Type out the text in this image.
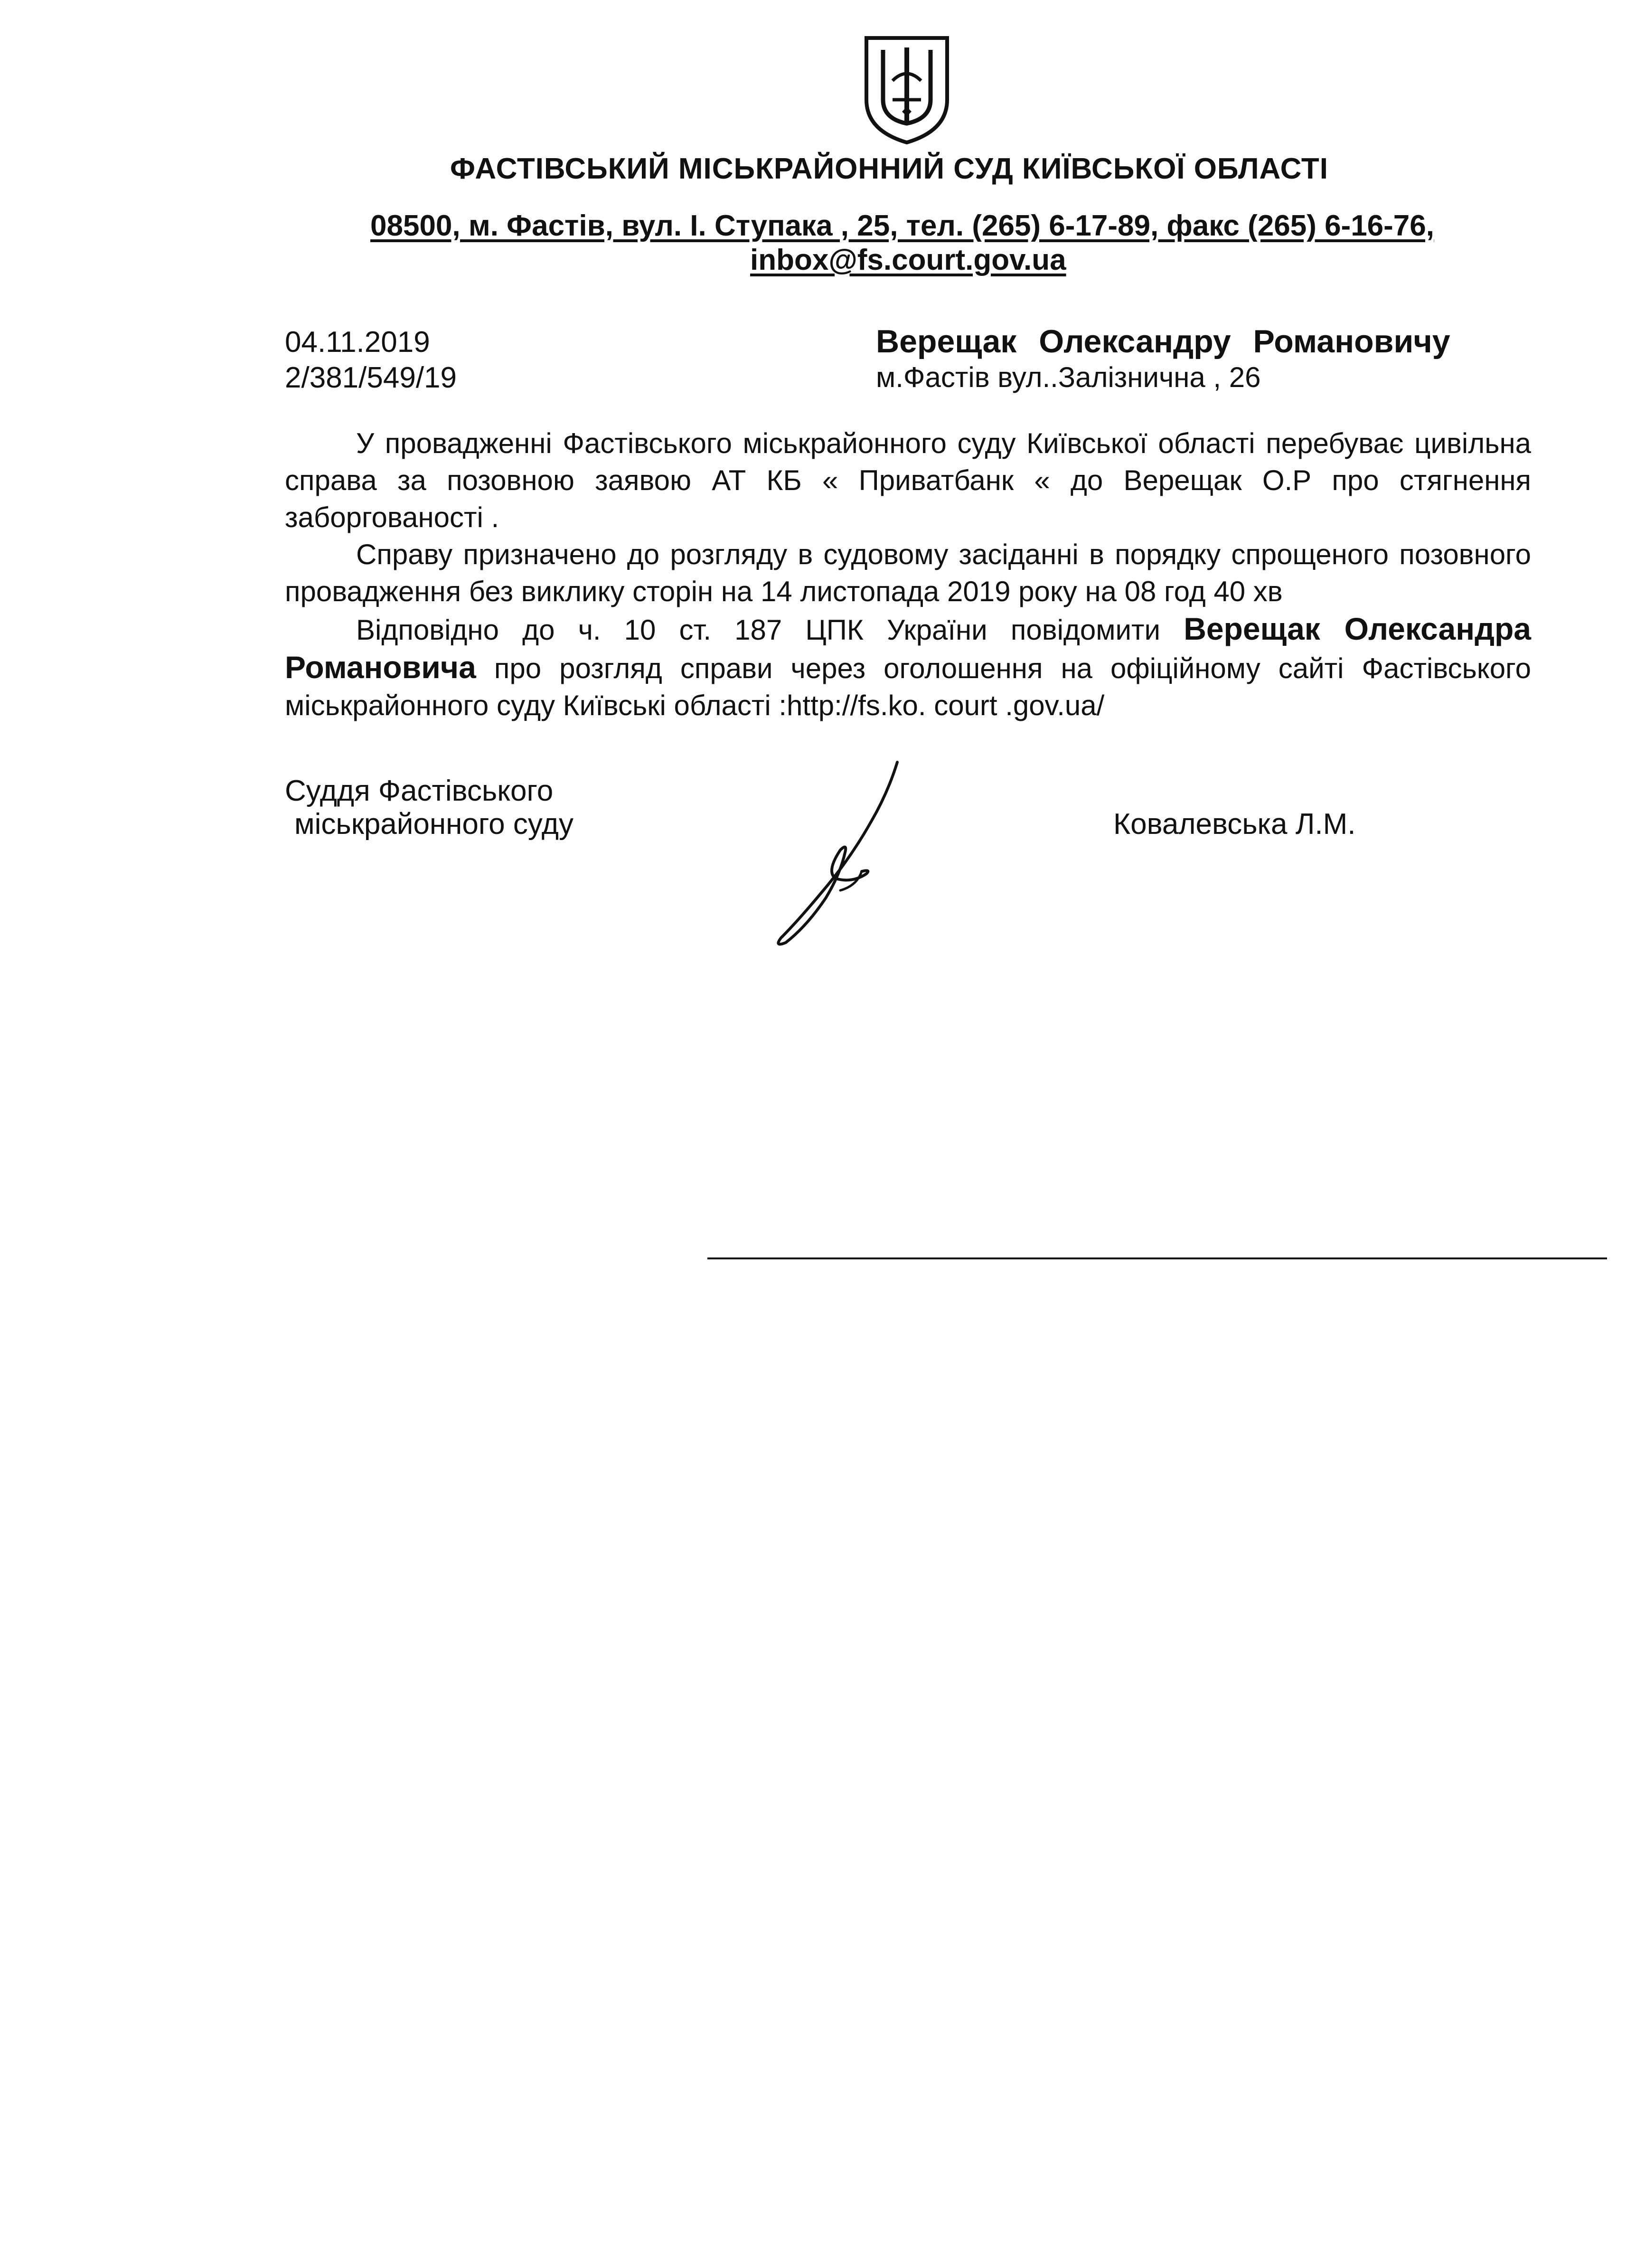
ФАСТІВСЬКИЙ МІСЬКРАЙОННИЙ СУД КИЇВСЬКОЇ ОБЛАСТІ
08500, м. Фастів, вул. І. Ступака , 25, тел. (265) 6-17-89, факс (265) 6-16-76,
inbox@fs.court.gov.ua
04.11.2019
2/381/549/19
Верещак Олександру Романовичу
м.Фастів вул..Залізнична , 26

У провадженні Фастівського міськрайонного суду Київської області перебуває цивільна справа за позовною заявою АТ КБ « Приватбанк « до Верещак О.Р про стягнення заборгованості .

Справу призначено до розгляду в судовому засіданні в порядку спрощеного позовного провадження без виклику сторін на 14 листопада 2019 року на 08 год 40 хв

Відповідно до ч. 10 ст. 187 ЦПК України повідомити Верещак Олександра Романовича про розгляд справи через оголошення на офіційному сайті Фастівського міськрайонного суду Київські області :http://fs.ko. court .gov.ua/

Суддя Фастівського
міськрайонного суду	Ковалевська Л.М.
